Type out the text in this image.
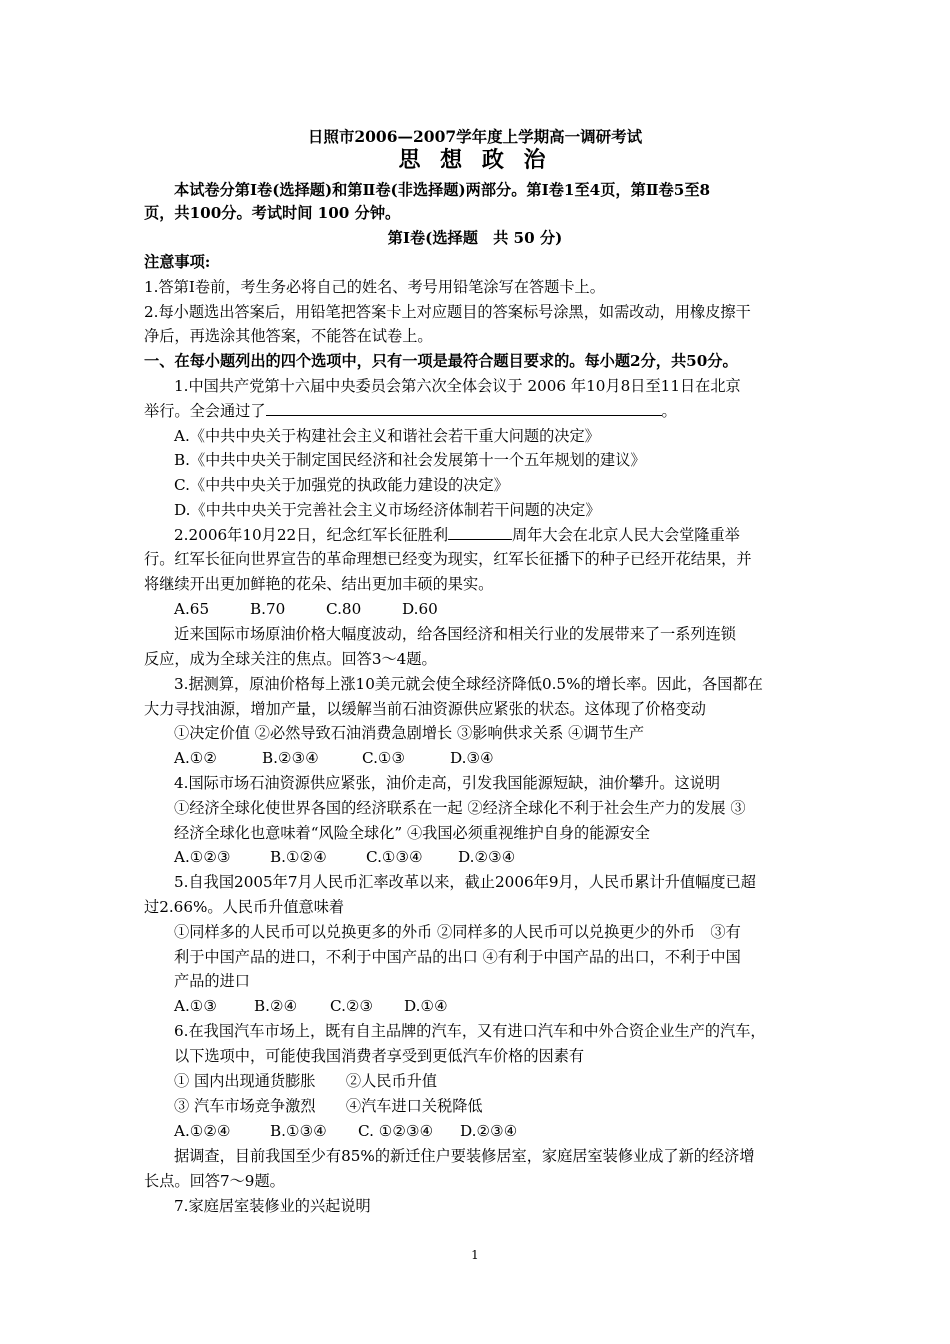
日照市2006—2007学年度上学期高一调研考试
思 想 政 治
本试卷分第Ⅰ卷(选择题)和第Ⅱ卷(非选择题)两部分。第Ⅰ卷1至4页，第Ⅱ卷5至8
页，共100分。考试时间 100 分钟。
第Ⅰ卷(选择题　共 50 分)
注意事项:
1.答第Ⅰ卷前，考生务必将自己的姓名、考号用铅笔涂写在答题卡上。
2.每小题选出答案后，用铅笔把答案卡上对应题目的答案标号涂黑，如需改动，用橡皮擦干
净后，再选涂其他答案，不能答在试卷上。
一、在每小题列出的四个选项中，只有一项是最符合题目要求的。每小题2分，共50分。
1.中国共产党第十六届中央委员会第六次全体会议于 2006 年10月8日至11日在北京
举行。全会通过了	。
A.《中共中央关于构建社会主义和谐社会若干重大问题的决定》
B.《中共中央关于制定国民经济和社会发展第十一个五年规划的建议》
C.《中共中央关于加强党的执政能力建设的决定》
D.《中共中央关于完善社会主义市场经济体制若干问题的决定》
2.2006年10月22日，纪念红军长征胜利	周年大会在北京人民大会堂隆重举
行。红军长征向世界宣告的革命理想已经变为现实，红军长征播下的种子已经开花结果，并
将继续开出更加鲜艳的花朵、结出更加丰硕的果实。
A.65	B.70	C.80	D.60
近来国际市场原油价格大幅度波动，给各国经济和相关行业的发展带来了一系列连锁
反应，成为全球关注的焦点。回答3～4题。
3.据测算，原油价格每上涨10美元就会使全球经济降低0.5%的增长率。因此，各国都在
大力寻找油源，增加产量，以缓解当前石油资源供应紧张的状态。这体现了价格变动
①决定价值 ②必然导致石油消费急剧增长 ③影响供求关系 ④调节生产
A.①②	B.②③④	C.①③	D.③④
4.国际市场石油资源供应紧张，油价走高，引发我国能源短缺，油价攀升。这说明
①经济全球化使世界各国的经济联系在一起 ②经济全球化不利于社会生产力的发展 ③
经济全球化也意味着“风险全球化” ④我国必须重视维护自身的能源安全
A.①②③	B.①②④	C.①③④ D.②③④
5.自我国2005年7月人民币汇率改革以来，截止2006年9月，人民币累计升值幅度已超
过2.66%。人民币升值意味着
①同样多的人民币可以兑换更多的外币 ②同样多的人民币可以兑换更少的外币　③有
利于中国产品的进口，不利于中国产品的出口 ④有利于中国产品的出口，不利于中国
产品的进口
A.①③ B.②④ C.②③ D.①④
6.在我国汽车市场上，既有自主品牌的汽车，又有进口汽车和中外合资企业生产的汽车，
以下选项中，可能使我国消费者享受到更低汽车价格的因素有
① 国内出现通货膨胀　　②人民币升值
③ 汽车市场竞争激烈　　④汽车进口关税降低
A.①②④	B.①③④ C. ①②③④ D.②③④
据调查，目前我国至少有85%的新迁住户要装修居室，家庭居室装修业成了新的经济增
长点。回答7～9题。
7.家庭居室装修业的兴起说明
1
